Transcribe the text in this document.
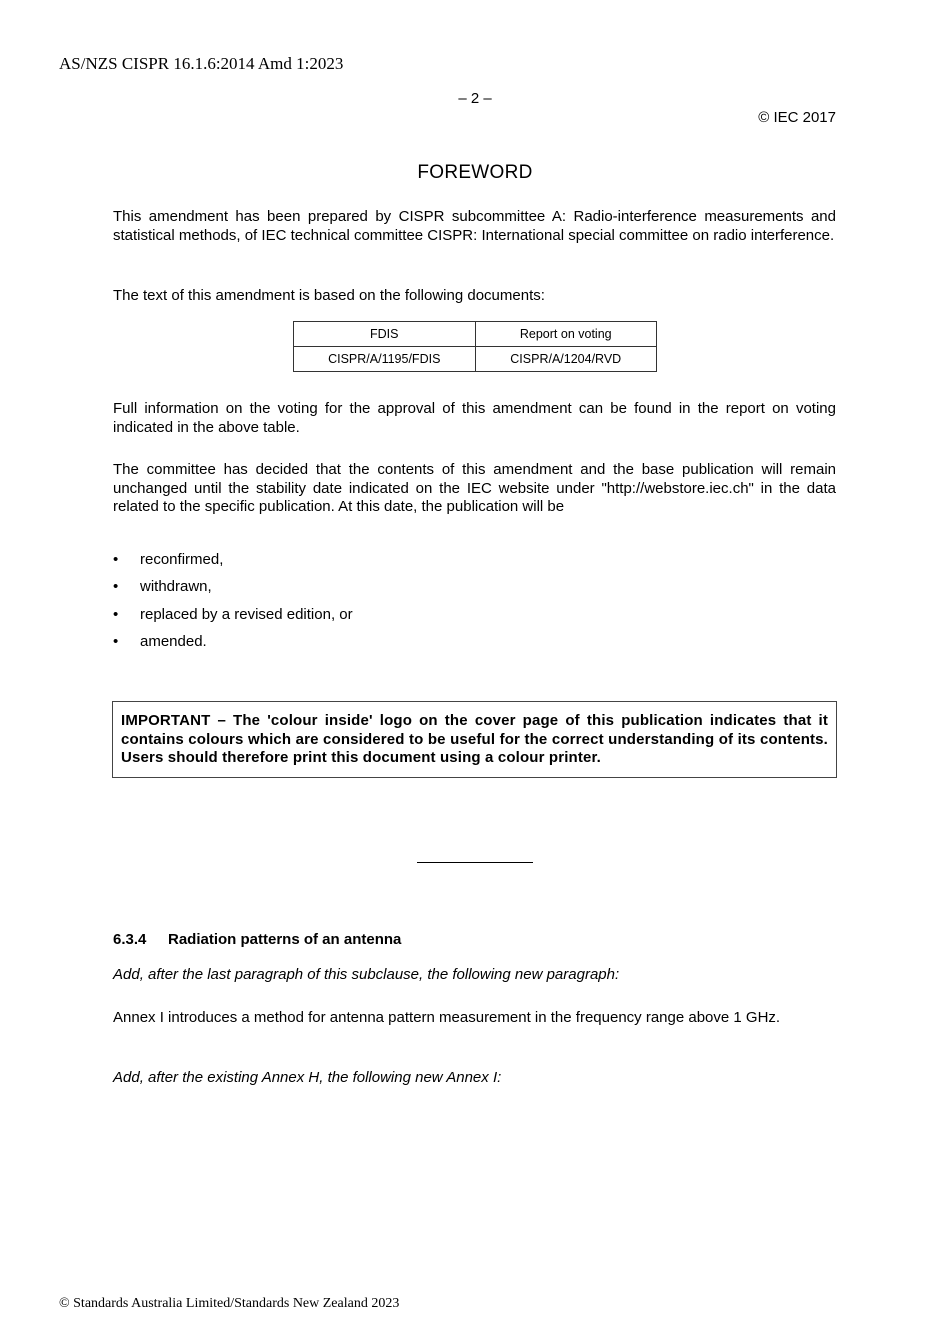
AS/NZS CISPR 16.1.6:2014 Amd 1:2023
– 2 –
© IEC 2017
FOREWORD

This amendment has been prepared by CISPR subcommittee A: Radio-interference measurements and statistical methods, of IEC technical committee CISPR: International special committee on radio interference.

The text of this amendment is based on the following documents:

FDIS	Report on voting
CISPR/A/1195/FDIS	CISPR/A/1204/RVD

Full information on the voting for the approval of this amendment can be found in the report on voting indicated in the above table.

The committee has decided that the contents of this amendment and the base publication will remain unchanged until the stability date indicated on the IEC website under "http://webstore.iec.ch" in the data related to the specific publication. At this date, the publication will be

• reconfirmed,
• withdrawn,
• replaced by a revised edition, or
• amended.
IMPORTANT – The 'colour inside' logo on the cover page of this publication indicates that it contains colours which are considered to be useful for the correct understanding of its contents. Users should therefore print this document using a colour printer.
6.3.4 Radiation patterns of an antenna

Add, after the last paragraph of this subclause, the following new paragraph:

Annex I introduces a method for antenna pattern measurement in the frequency range above 1 GHz.

Add, after the existing Annex H, the following new Annex I:

© Standards Australia Limited/Standards New Zealand 2023
